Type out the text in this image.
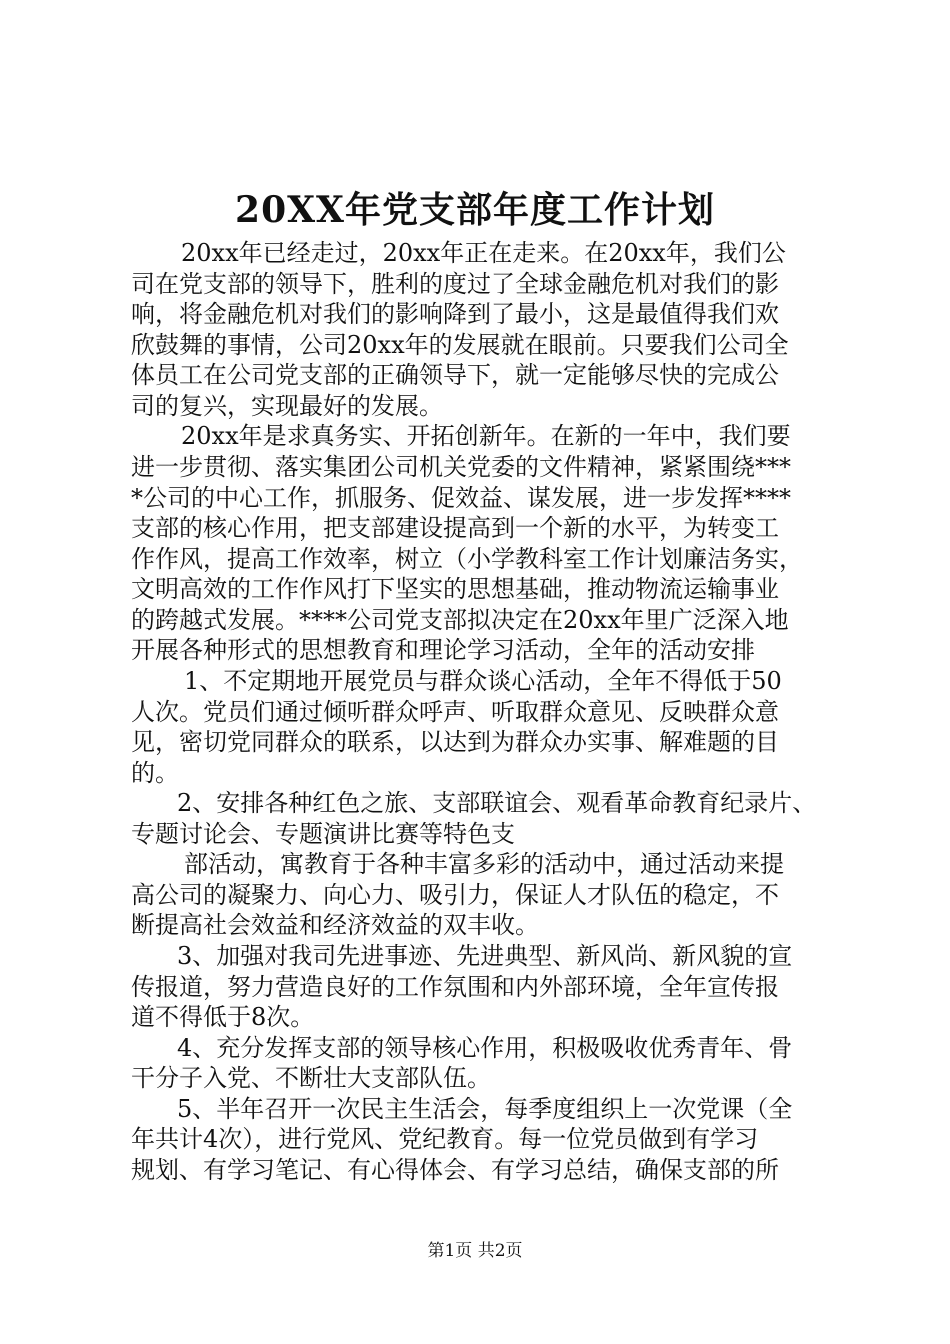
20XX年党支部年度工作计划
20xx年已经走过，20xx年正在走来。在20xx年，我们公
司在党支部的领导下，胜利的度过了全球金融危机对我们的影
响，将金融危机对我们的影响降到了最小，这是最值得我们欢
欣鼓舞的事情，公司20xx年的发展就在眼前。只要我们公司全
体员工在公司党支部的正确领导下，就一定能够尽快的完成公
司的复兴，实现最好的发展。
20xx年是求真务实、开拓创新年。在新的一年中，我们要
进一步贯彻、落实集团公司机关党委的文件精神，紧紧围绕***
*公司的中心工作，抓服务、促效益、谋发展，进一步发挥****
支部的核心作用，把支部建设提高到一个新的水平，为转变工
作作风，提高工作效率，树立（小学教科室工作计划廉洁务实，
文明高效的工作作风打下坚实的思想基础，推动物流运输事业
的跨越式发展。****公司党支部拟决定在20xx年里广泛深入地
开展各种形式的思想教育和理论学习活动，全年的活动安排
1、不定期地开展党员与群众谈心活动，全年不得低于50
人次。党员们通过倾听群众呼声、听取群众意见、反映群众意
见，密切党同群众的联系，以达到为群众办实事、解难题的目
的。
2、安排各种红色之旅、支部联谊会、观看革命教育纪录片、
专题讨论会、专题演讲比赛等特色支
部活动，寓教育于各种丰富多彩的活动中，通过活动来提
高公司的凝聚力、向心力、吸引力，保证人才队伍的稳定，不
断提高社会效益和经济效益的双丰收。
3、加强对我司先进事迹、先进典型、新风尚、新风貌的宣
传报道，努力营造良好的工作氛围和内外部环境，全年宣传报
道不得低于8次。
4、充分发挥支部的领导核心作用，积极吸收优秀青年、骨
干分子入党、不断壮大支部队伍。
5、半年召开一次民主生活会，每季度组织上一次党课（全
年共计4次），进行党风、党纪教育。每一位党员做到有学习
规划、有学习笔记、有心得体会、有学习总结，确保支部的所
第1页 共2页
